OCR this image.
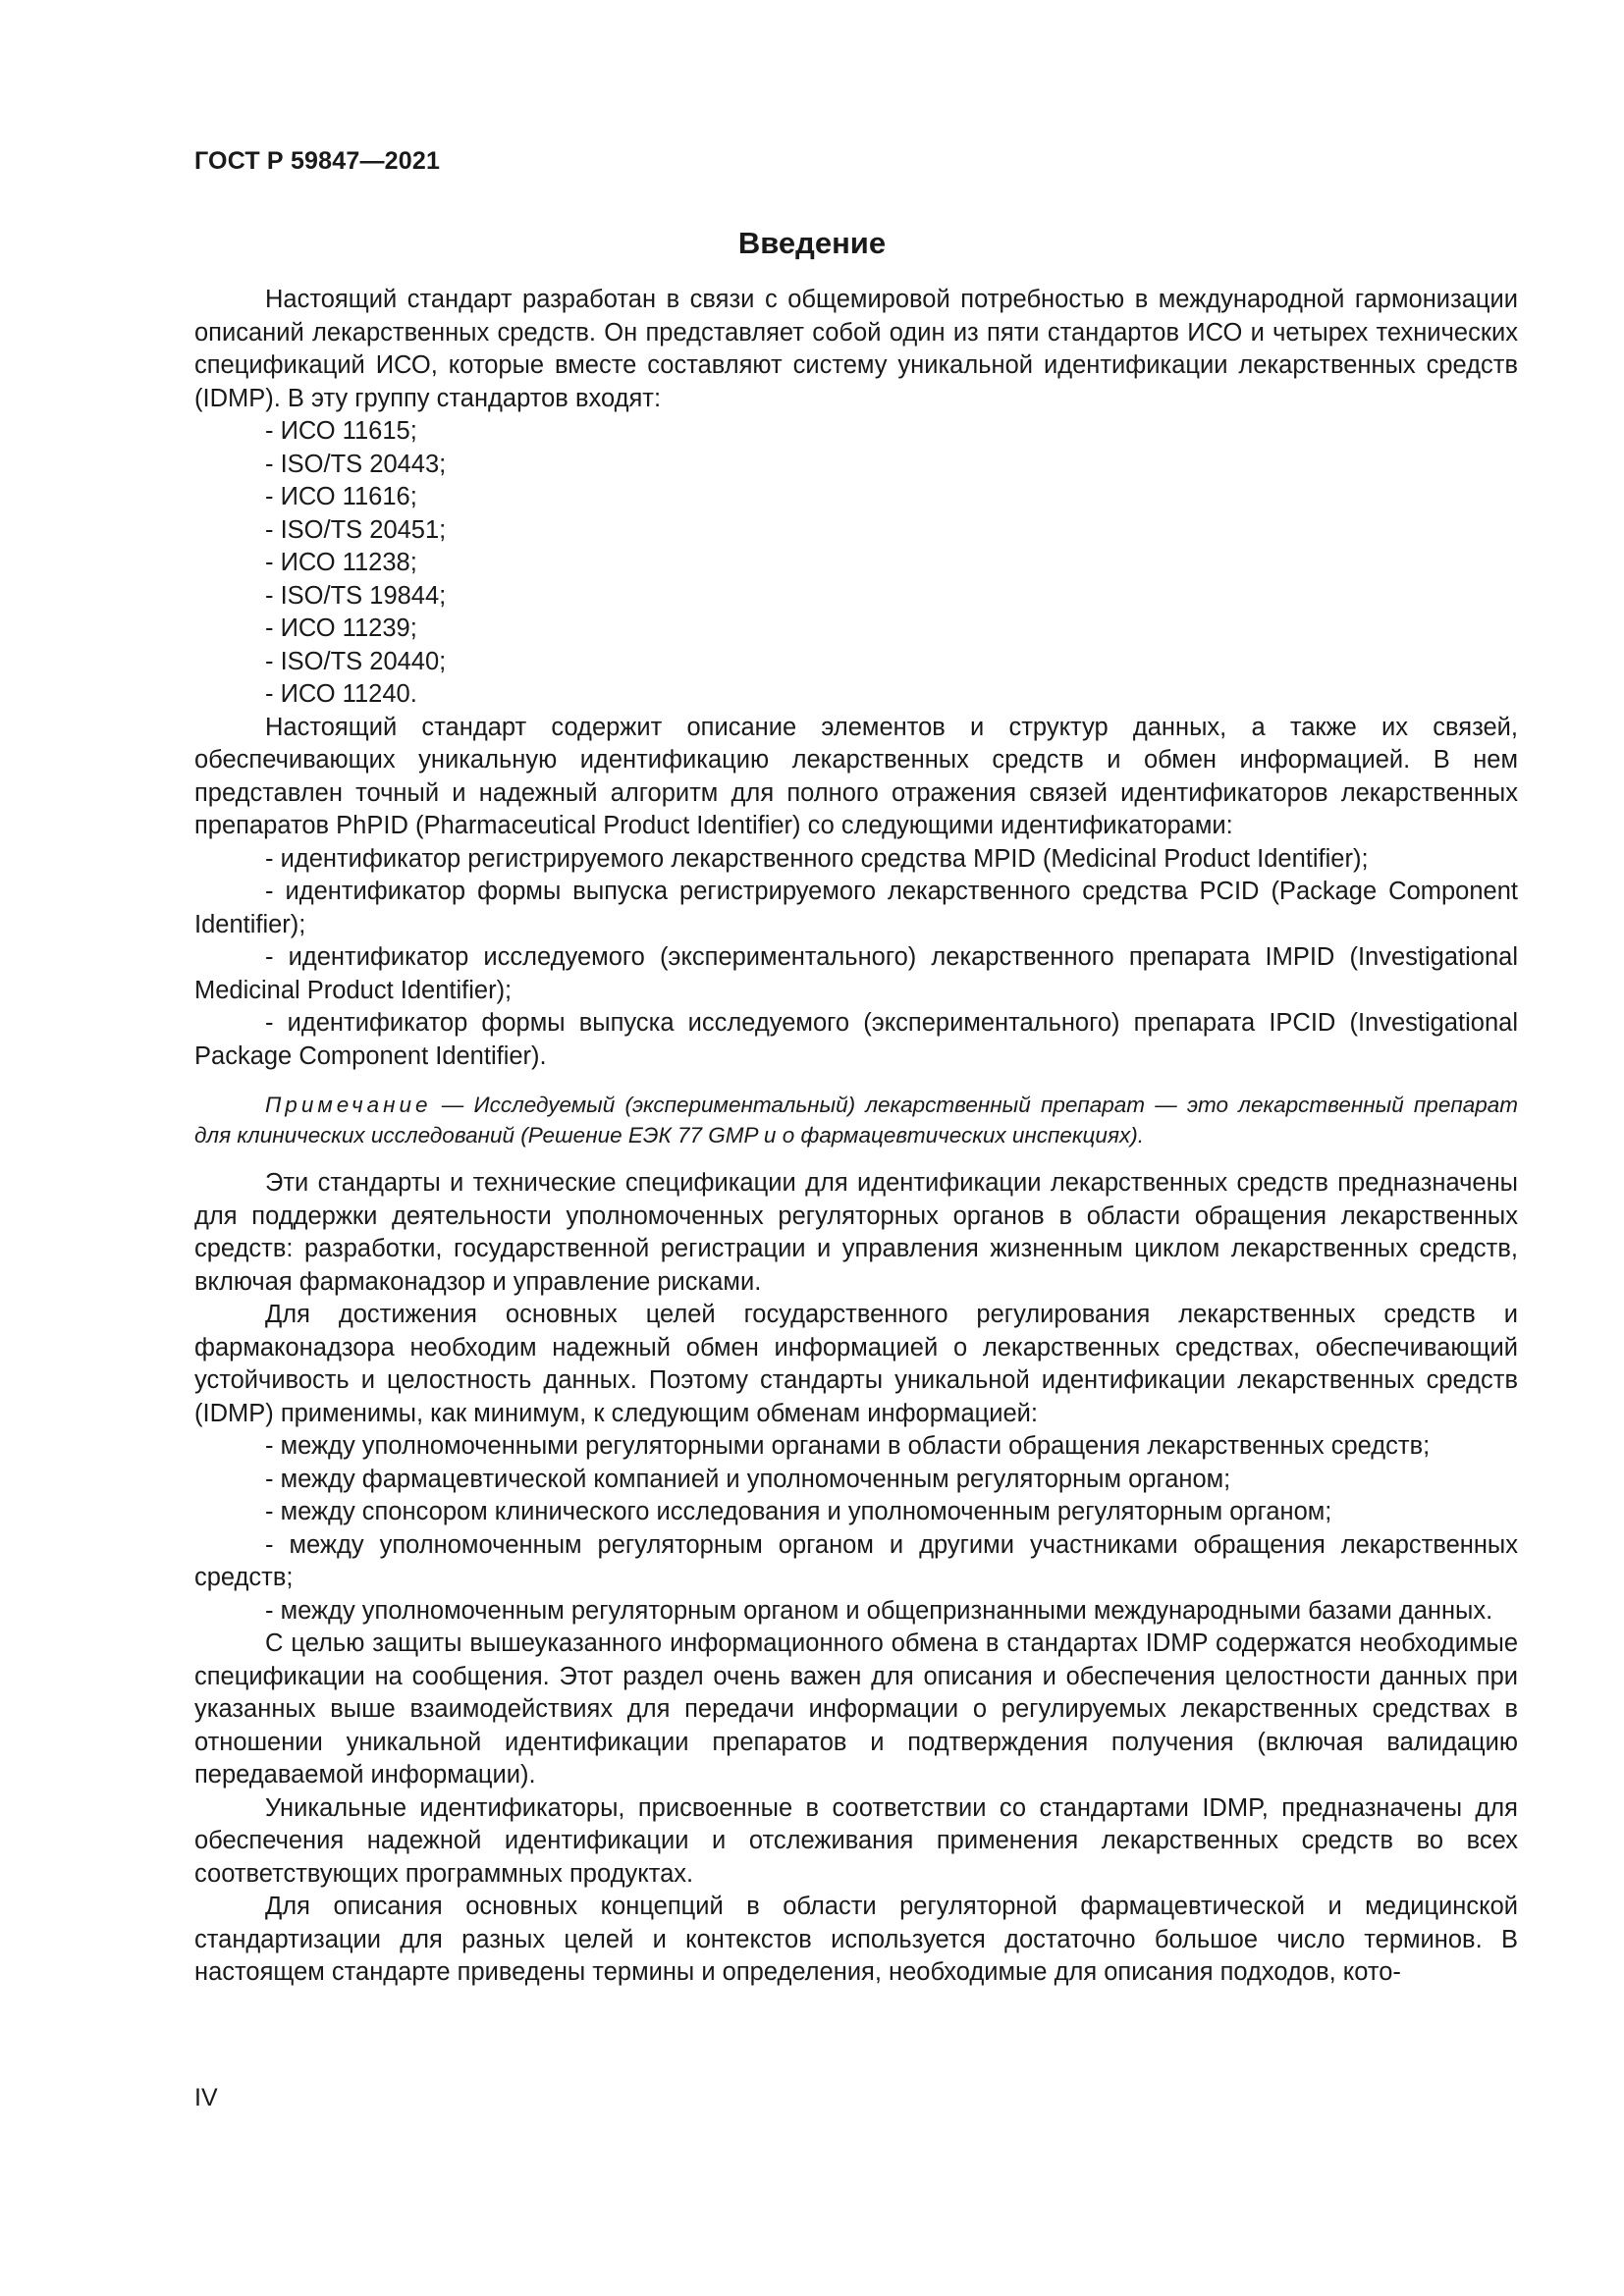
ГОСТ Р 59847—2021
Введение

Настоящий стандарт разработан в связи с общемировой потребностью в международной гармонизации описаний лекарственных средств. Он представляет собой один из пяти стандартов ИСО и четырех технических спецификаций ИСО, которые вместе составляют систему уникальной идентификации лекарственных средств (IDMP). В эту группу стандартов входят:

- ИСО 11615;

- ISO/TS 20443;

- ИСО 11616;

- ISO/TS 20451;

- ИСО 11238;

- ISO/TS 19844;

- ИСО 11239;

- ISO/TS 20440;

- ИСО 11240.

Настоящий стандарт содержит описание элементов и структур данных, а также их связей, обеспечивающих уникальную идентификацию лекарственных средств и обмен информацией. В нем представлен точный и надежный алгоритм для полного отражения связей идентификаторов лекарственных препаратов PhPID (Pharmaceutical Product Identifier) со следующими идентификаторами:

- идентификатор регистрируемого лекарственного средства MPID (Medicinal Product Identifier);

- идентификатор формы выпуска регистрируемого лекарственного средства PCID (Package Component Identifier);

- идентификатор исследуемого (экспериментального) лекарственного препарата IMPID (Investigational Medicinal Product Identifier);

- идентификатор формы выпуска исследуемого (экспериментального) препарата IPCID (Investigational Package Component Identifier).

Примечание — Исследуемый (экспериментальный) лекарственный препарат — это лекарственный препарат для клинических исследований (Решение ЕЭК 77 GMP и о фармацевтических инспекциях).

Эти стандарты и технические спецификации для идентификации лекарственных средств предназначены для поддержки деятельности уполномоченных регуляторных органов в области обращения лекарственных средств: разработки, государственной регистрации и управления жизненным циклом лекарственных средств, включая фармаконадзор и управление рисками.

Для достижения основных целей государственного регулирования лекарственных средств и фармаконадзора необходим надежный обмен информацией о лекарственных средствах, обеспечивающий устойчивость и целостность данных. Поэтому стандарты уникальной идентификации лекарственных средств (IDMP) применимы, как минимум, к следующим обменам информацией:

- между уполномоченными регуляторными органами в области обращения лекарственных средств;

- между фармацевтической компанией и уполномоченным регуляторным органом;

- между спонсором клинического исследования и уполномоченным регуляторным органом;

- между уполномоченным регуляторным органом и другими участниками обращения лекарственных средств;

- между уполномоченным регуляторным органом и общепризнанными международными базами данных.

С целью защиты вышеуказанного информационного обмена в стандартах IDMP содержатся необходимые спецификации на сообщения. Этот раздел очень важен для описания и обеспечения целостности данных при указанных выше взаимодействиях для передачи информации о регулируемых лекарственных средствах в отношении уникальной идентификации препаратов и подтверждения получения (включая валидацию передаваемой информации).

Уникальные идентификаторы, присвоенные в соответствии со стандартами IDMP, предназначены для обеспечения надежной идентификации и отслеживания применения лекарственных средств во всех соответствующих программных продуктах.

Для описания основных концепций в области регуляторной фармацевтической и медицинской стандартизации для разных целей и контекстов используется достаточно большое число терминов. В настоящем стандарте приведены термины и определения, необходимые для описания подходов, кото-

IV
